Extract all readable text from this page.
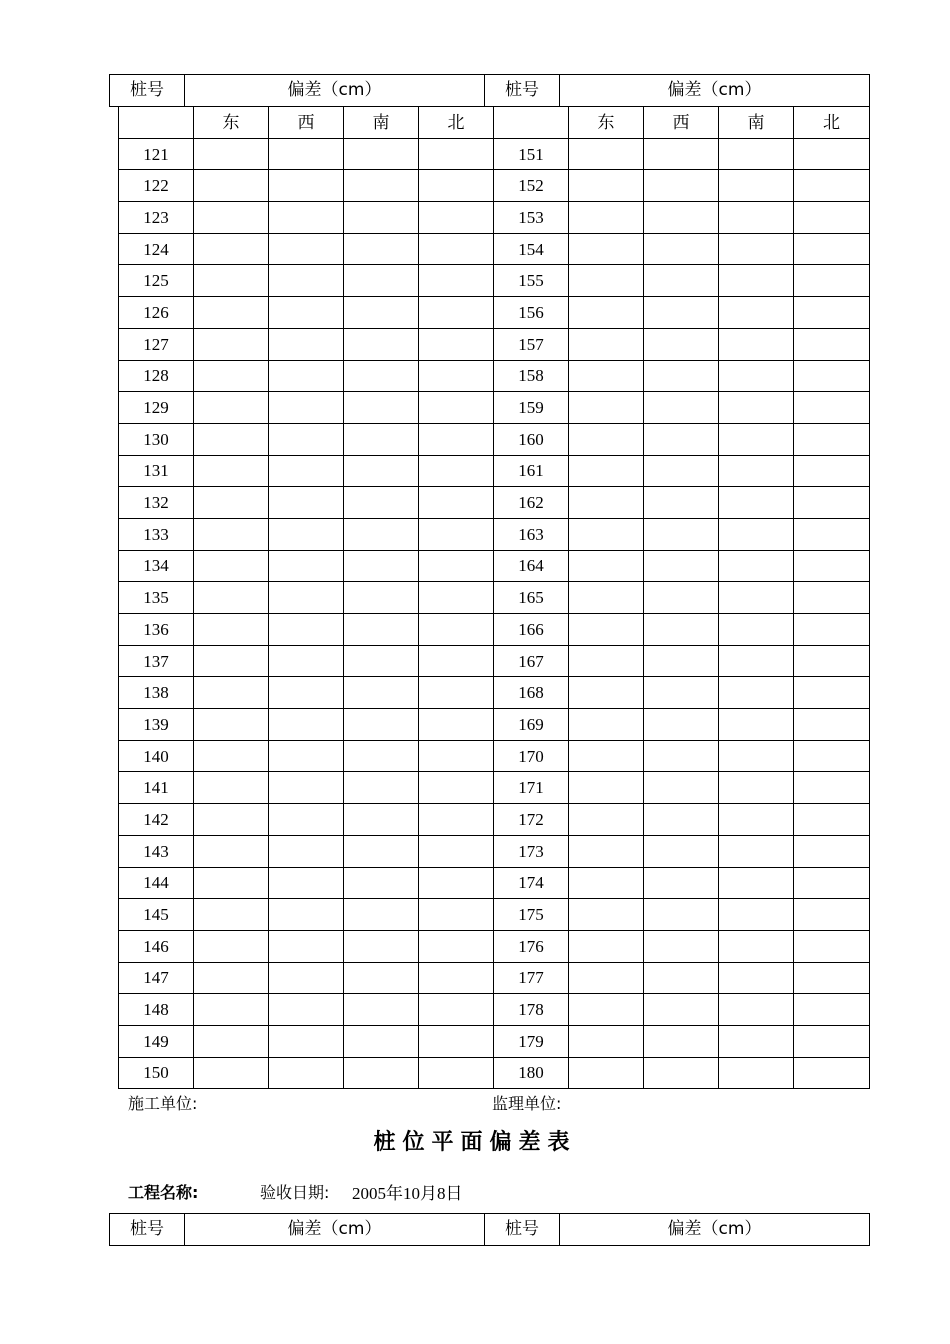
桩号	偏差（cm）	桩号	偏差（cm）
	东	西	南	北		东	西	南	北
121					151				
122					152				
123					153				
124					154				
125					155				
126					156				
127					157				
128					158				
129					159				
130					160				
131					161				
132					162				
133					163				
134					164				
135					165				
136					166				
137					167				
138					168				
139					169				
140					170				
141					171				
142					172				
143					173				
144					174				
145					175				
146					176				
147					177				
148					178				
149					179				
150					180				
施工单位:	监理单位:
桩位平面偏差表
工程名称:	验收日期: 2005年10月8日
桩号	偏差（cm）	桩号	偏差（cm）
